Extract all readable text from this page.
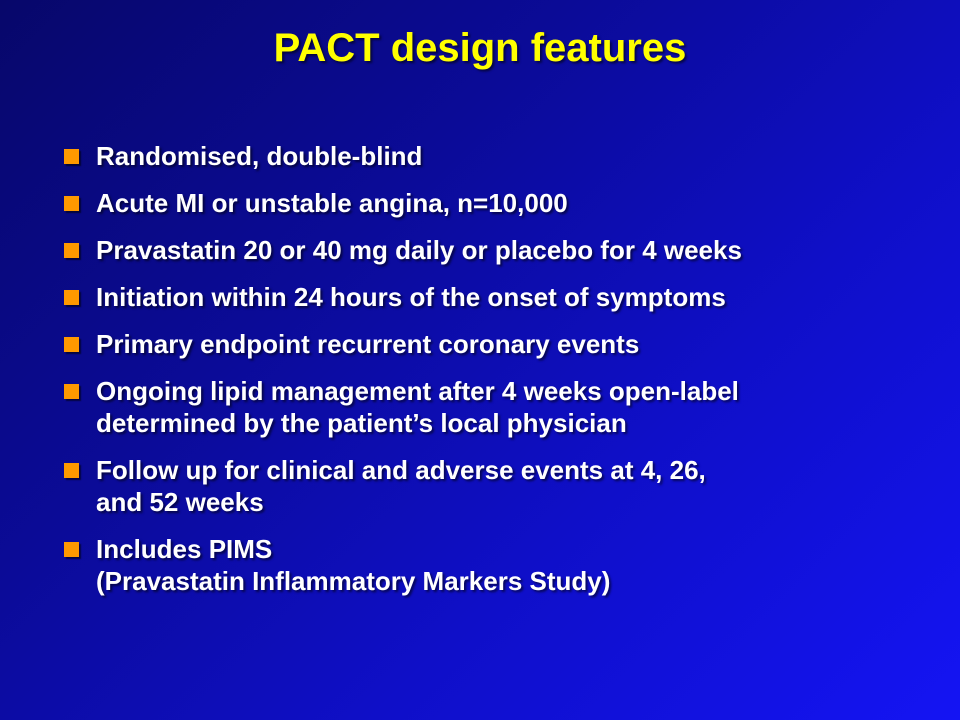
PACT design features
Randomised, double-blind
Acute MI or unstable angina, n=10,000
Pravastatin 20 or 40 mg daily or placebo for 4 weeks
Initiation within 24 hours of the onset of symptoms
Primary endpoint recurrent coronary events
Ongoing lipid management after 4 weeks open-label
determined by the patient’s local physician
Follow up for clinical and adverse events at 4, 26,
and 52 weeks
Includes PIMS
(Pravastatin Inflammatory Markers Study)
